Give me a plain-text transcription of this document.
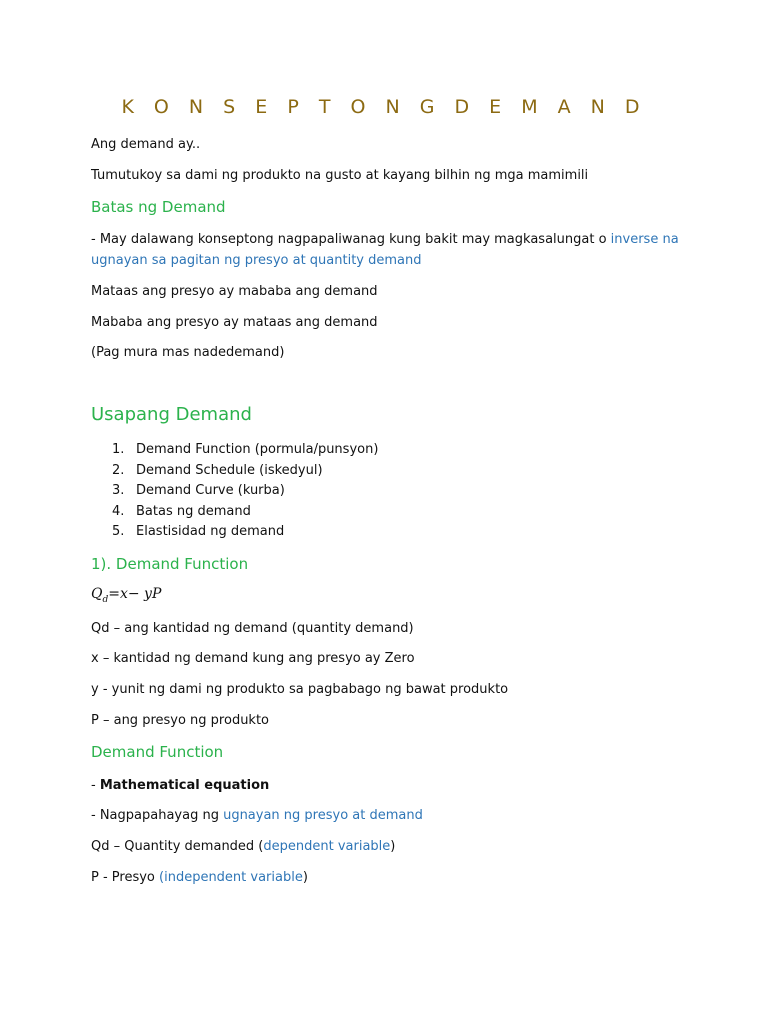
K O N S E P T O N G D E M A N D
Ang demand ay..
Tumutukoy sa dami ng produkto na gusto at kayang bilhin ng mga mamimili
Batas ng Demand
- May dalawang konseptong nagpapaliwanag kung bakit may magkasalungat o inverse na
ugnayan sa pagitan ng presyo at quantity demand
Mataas ang presyo ay mababa ang demand
Mababa ang presyo ay mataas ang demand
(Pag mura mas nadedemand)
Usapang Demand
1. Demand Function (pormula/punsyon)
2. Demand Schedule (iskedyul)
3. Demand Curve (kurba)
4. Batas ng demand
5. Elastisidad ng demand
1). Demand Function
$Q_d=x-$ yP
Qd – ang kantidad ng demand (quantity demand)
x – kantidad ng demand kung ang presyo ay Zero
y - yunit ng dami ng produkto sa pagbabago ng bawat produkto
P – ang presyo ng produkto
Demand Function
- Mathematical equation
- Nagpapahayag ng ugnayan ng presyo at demand
Qd – Quantity demanded (dependent variable)
P - Presyo (independent variable)
